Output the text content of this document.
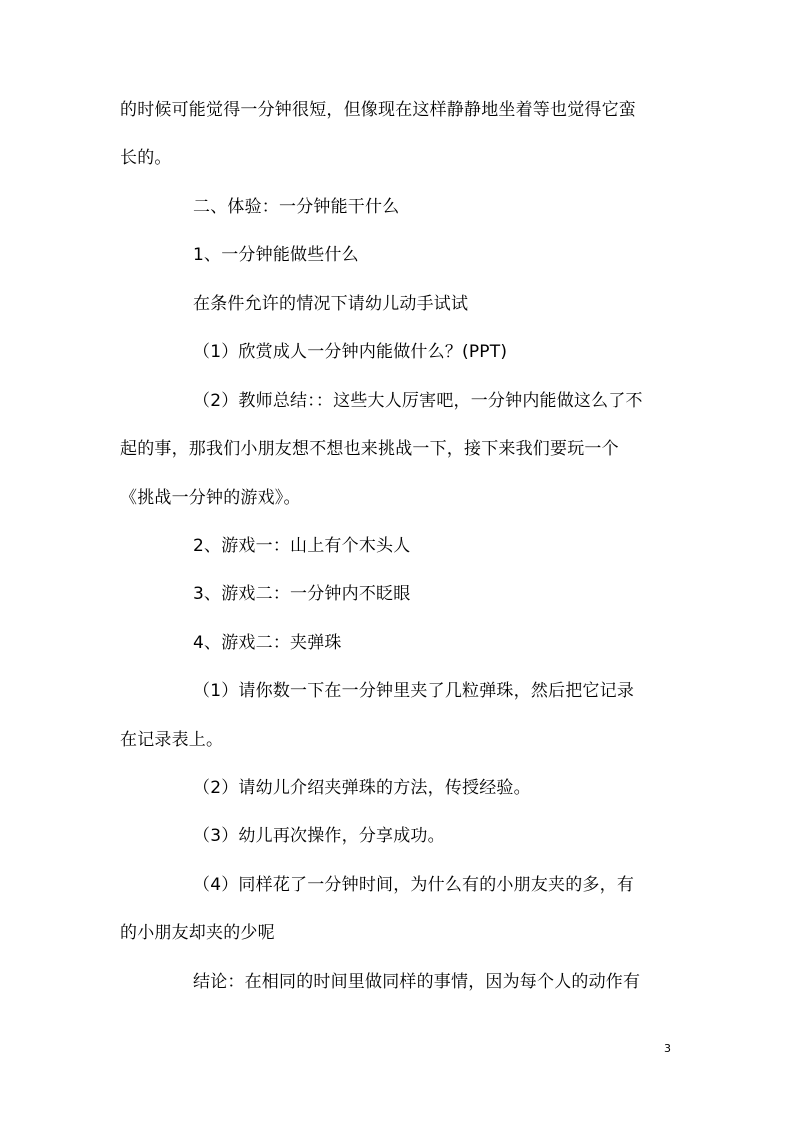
的时候可能觉得一分钟很短，但像现在这样静静地坐着等也觉得它蛮
长的。
二、体验：一分钟能干什么
1、一分钟能做些什么
在条件允许的情况下请幼儿动手试试
（1）欣赏成人一分钟内能做什么？(PPT)
（2）教师总结：：这些大人厉害吧，一分钟内能做这么了不
起的事，那我们小朋友想不想也来挑战一下，接下来我们要玩一个
《挑战一分钟的游戏》。
2、游戏一：山上有个木头人
3、游戏二：一分钟内不眨眼
4、游戏二：夹弹珠
（1）请你数一下在一分钟里夹了几粒弹珠，然后把它记录
在记录表上。
（2）请幼儿介绍夹弹珠的方法，传授经验。
（3）幼儿再次操作，分享成功。
（4）同样花了一分钟时间，为什么有的小朋友夹的多，有
的小朋友却夹的少呢
结论：在相同的时间里做同样的事情，因为每个人的动作有
3
